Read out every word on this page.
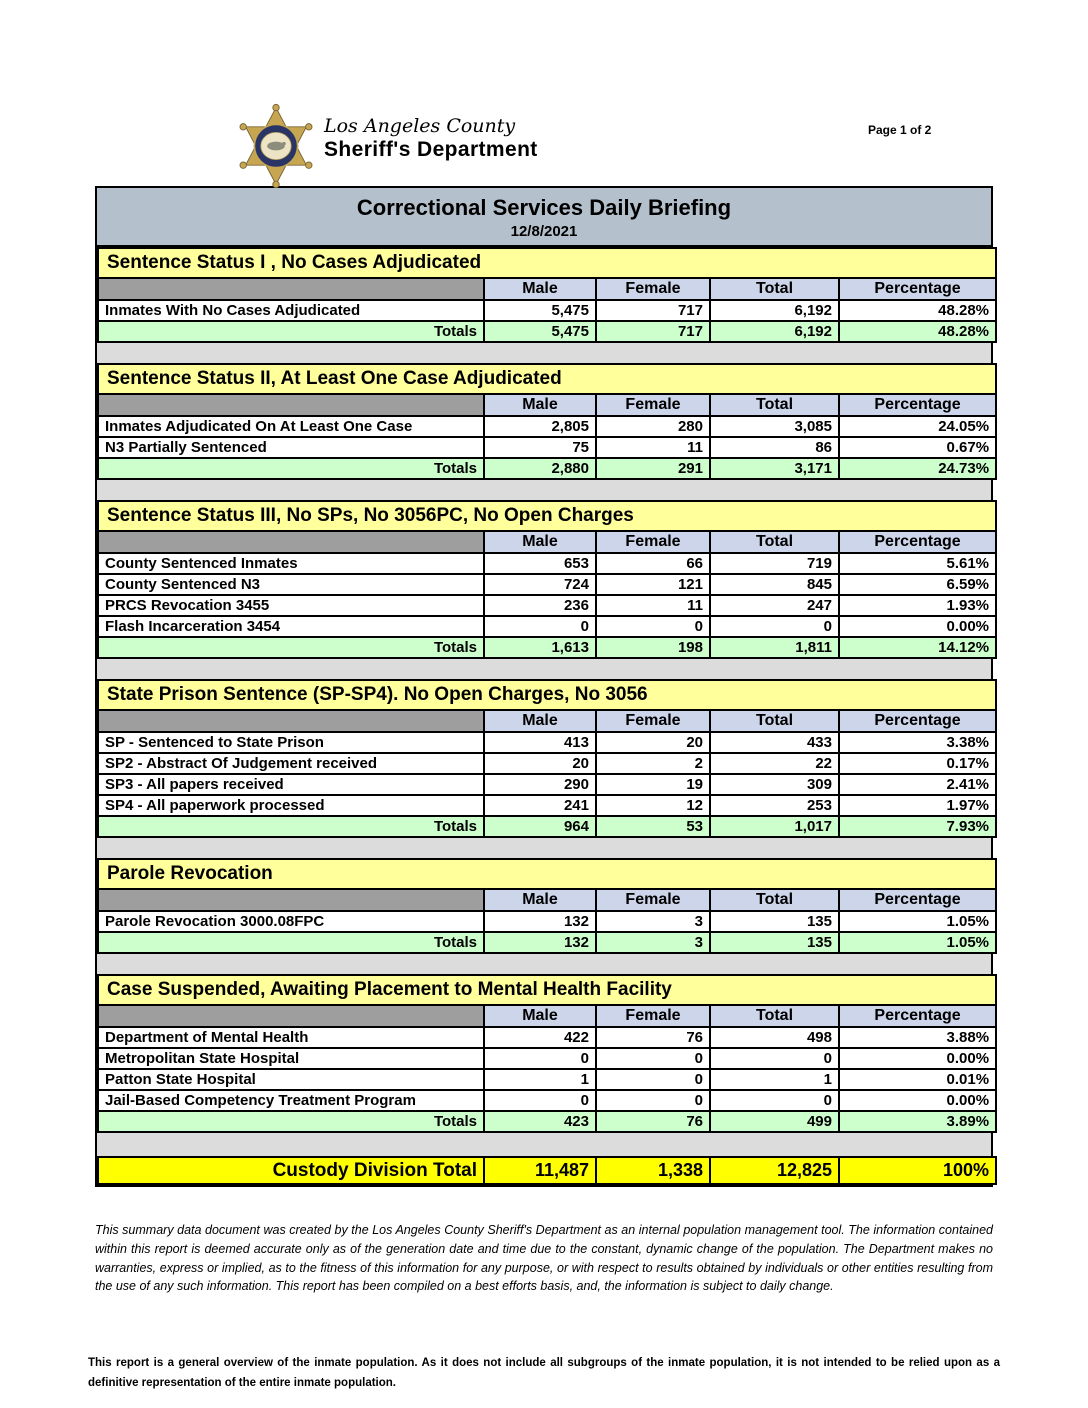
Los Angeles County
Sheriff's Department
Page 1 of 2
Correctional Services Daily Briefing
12/8/2021
Sentence Status I , No Cases Adjudicated				
	Male	Female	Total	Percentage
Inmates With No Cases Adjudicated	5,475	717	6,192	48.28%
Totals	5,475	717	6,192	48.28%
Sentence Status II, At Least One Case Adjudicated				
	Male	Female	Total	Percentage
Inmates Adjudicated On At Least One Case	2,805	280	3,085	24.05%
N3 Partially Sentenced	75	11	86	0.67%
Totals	2,880	291	3,171	24.73%
Sentence Status III, No SPs, No 3056PC, No Open Charges				
	Male	Female	Total	Percentage
County Sentenced Inmates	653	66	719	5.61%
County Sentenced N3	724	121	845	6.59%
PRCS Revocation 3455	236	11	247	1.93%
Flash Incarceration 3454	0	0	0	0.00%
Totals	1,613	198	1,811	14.12%
State Prison Sentence (SP-SP4). No Open Charges, No 3056				
	Male	Female	Total	Percentage
SP - Sentenced to State Prison	413	20	433	3.38%
SP2 - Abstract Of Judgement received	20	2	22	0.17%
SP3 - All papers received	290	19	309	2.41%
SP4 - All paperwork processed	241	12	253	1.97%
Totals	964	53	1,017	7.93%
Parole Revocation				
	Male	Female	Total	Percentage
Parole Revocation 3000.08FPC	132	3	135	1.05%
Totals	132	3	135	1.05%
Case Suspended, Awaiting Placement to Mental Health Facility				
	Male	Female	Total	Percentage
Department of Mental Health	422	76	498	3.88%
Metropolitan State Hospital	0	0	0	0.00%
Patton State Hospital	1	0	1	0.01%
Jail-Based Competency Treatment Program	0	0	0	0.00%
Totals	423	76	499	3.89%
Custody Division Total	11,487	1,338	12,825	100%

This summary data document was created by the Los Angeles County Sheriff's Department as an internal population management tool. The information contained within this report is deemed accurate only as of the generation date and time due to the constant, dynamic change of the population. The Department makes no warranties, express or implied, as to the fitness of this information for any purpose, or with respect to results obtained by individuals or other entities resulting from the use of any such information. This report has been compiled on a best efforts basis, and, the information is subject to daily change.

This report is a general overview of the inmate population. As it does not include all subgroups of the inmate population, it is not intended to be relied upon as a definitive representation of the entire inmate population.
